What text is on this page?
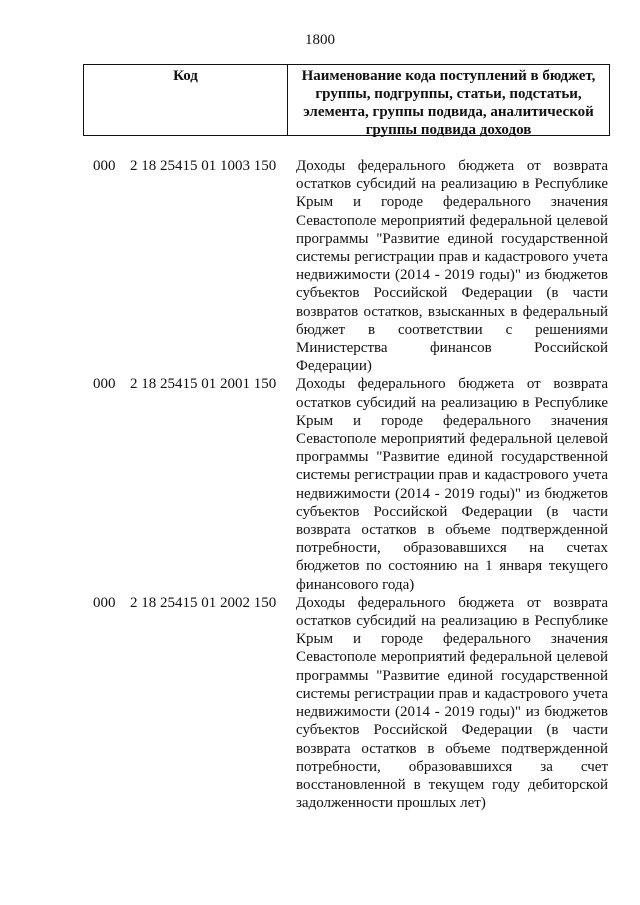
1800
Код	Наименование кода поступлений в бюджет, группы, подгруппы, статьи, подстатьи, элемента, группы подвида, аналитической группы подвида доходов
000 2 18 25415 01 1003 150	Доходы федерального бюджета от возврата остатков субсидий на реализацию в Республике Крым и городе федерального значения Севастополе мероприятий федеральной целевой программы "Развитие единой государственной системы регистрации прав и кадастрового учета недвижимости (2014 - 2019 годы)" из бюджетов субъектов Российской Федерации (в части возвратов остатков, взысканных в федеральный бюджет в соответствии с решениями Министерства финансов Российской Федерации)
000 2 18 25415 01 2001 150	Доходы федерального бюджета от возврата остатков субсидий на реализацию в Республике Крым и городе федерального значения Севастополе мероприятий федеральной целевой программы "Развитие единой государственной системы регистрации прав и кадастрового учета недвижимости (2014 - 2019 годы)" из бюджетов субъектов Российской Федерации (в части возврата остатков в объеме подтвержденной потребности, образовавшихся на счетах бюджетов по состоянию на 1 января текущего финансового года)
000 2 18 25415 01 2002 150	Доходы федерального бюджета от возврата остатков субсидий на реализацию в Республике Крым и городе федерального значения Севастополе мероприятий федеральной целевой программы "Развитие единой государственной системы регистрации прав и кадастрового учета недвижимости (2014 - 2019 годы)" из бюджетов субъектов Российской Федерации (в части возврата остатков в объеме подтвержденной потребности, образовавшихся за счет восстановленной в текущем году дебиторской задолженности прошлых лет)
